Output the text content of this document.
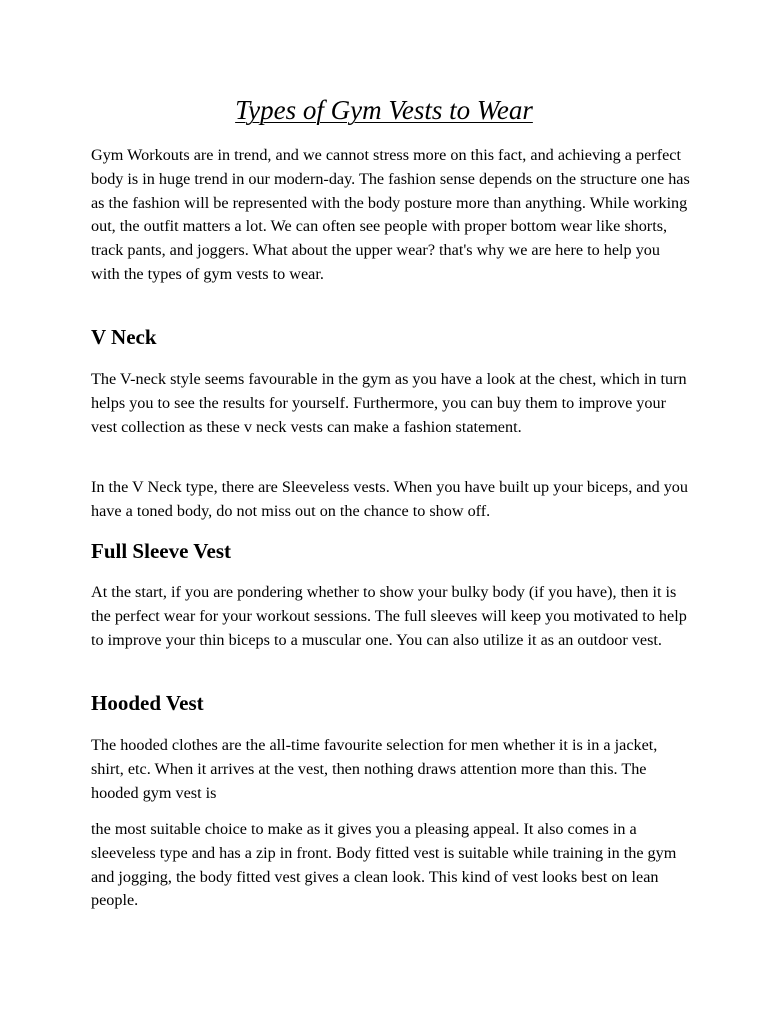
Types of Gym Vests to Wear

Gym Workouts are in trend, and we cannot stress more on this fact, and achieving a perfect body is in huge trend in our modern-day. The fashion sense depends on the structure one has as the fashion will be represented with the body posture more than anything. While working out, the outfit matters a lot. We can often see people with proper bottom wear like shorts, track pants, and joggers. What about the upper wear? that's why we are here to help you with the types of gym vests to wear.

V Neck

The V-neck style seems favourable in the gym as you have a look at the chest, which in turn helps you to see the results for yourself. Furthermore, you can buy them to improve your vest collection as these v neck vests can make a fashion statement.

In the V Neck type, there are Sleeveless vests. When you have built up your biceps, and you have a toned body, do not miss out on the chance to show off.

Full Sleeve Vest

At the start, if you are pondering whether to show your bulky body (if you have), then it is the perfect wear for your workout sessions. The full sleeves will keep you motivated to help to improve your thin biceps to a muscular one. You can also utilize it as an outdoor vest.

Hooded Vest

The hooded clothes are the all-time favourite selection for men whether it is in a jacket, shirt, etc. When it arrives at the vest, then nothing draws attention more than this. The hooded gym vest is

the most suitable choice to make as it gives you a pleasing appeal. It also comes in a sleeveless type and has a zip in front. Body fitted vest is suitable while training in the gym and jogging, the body fitted vest gives a clean look. This kind of vest looks best on lean people.
